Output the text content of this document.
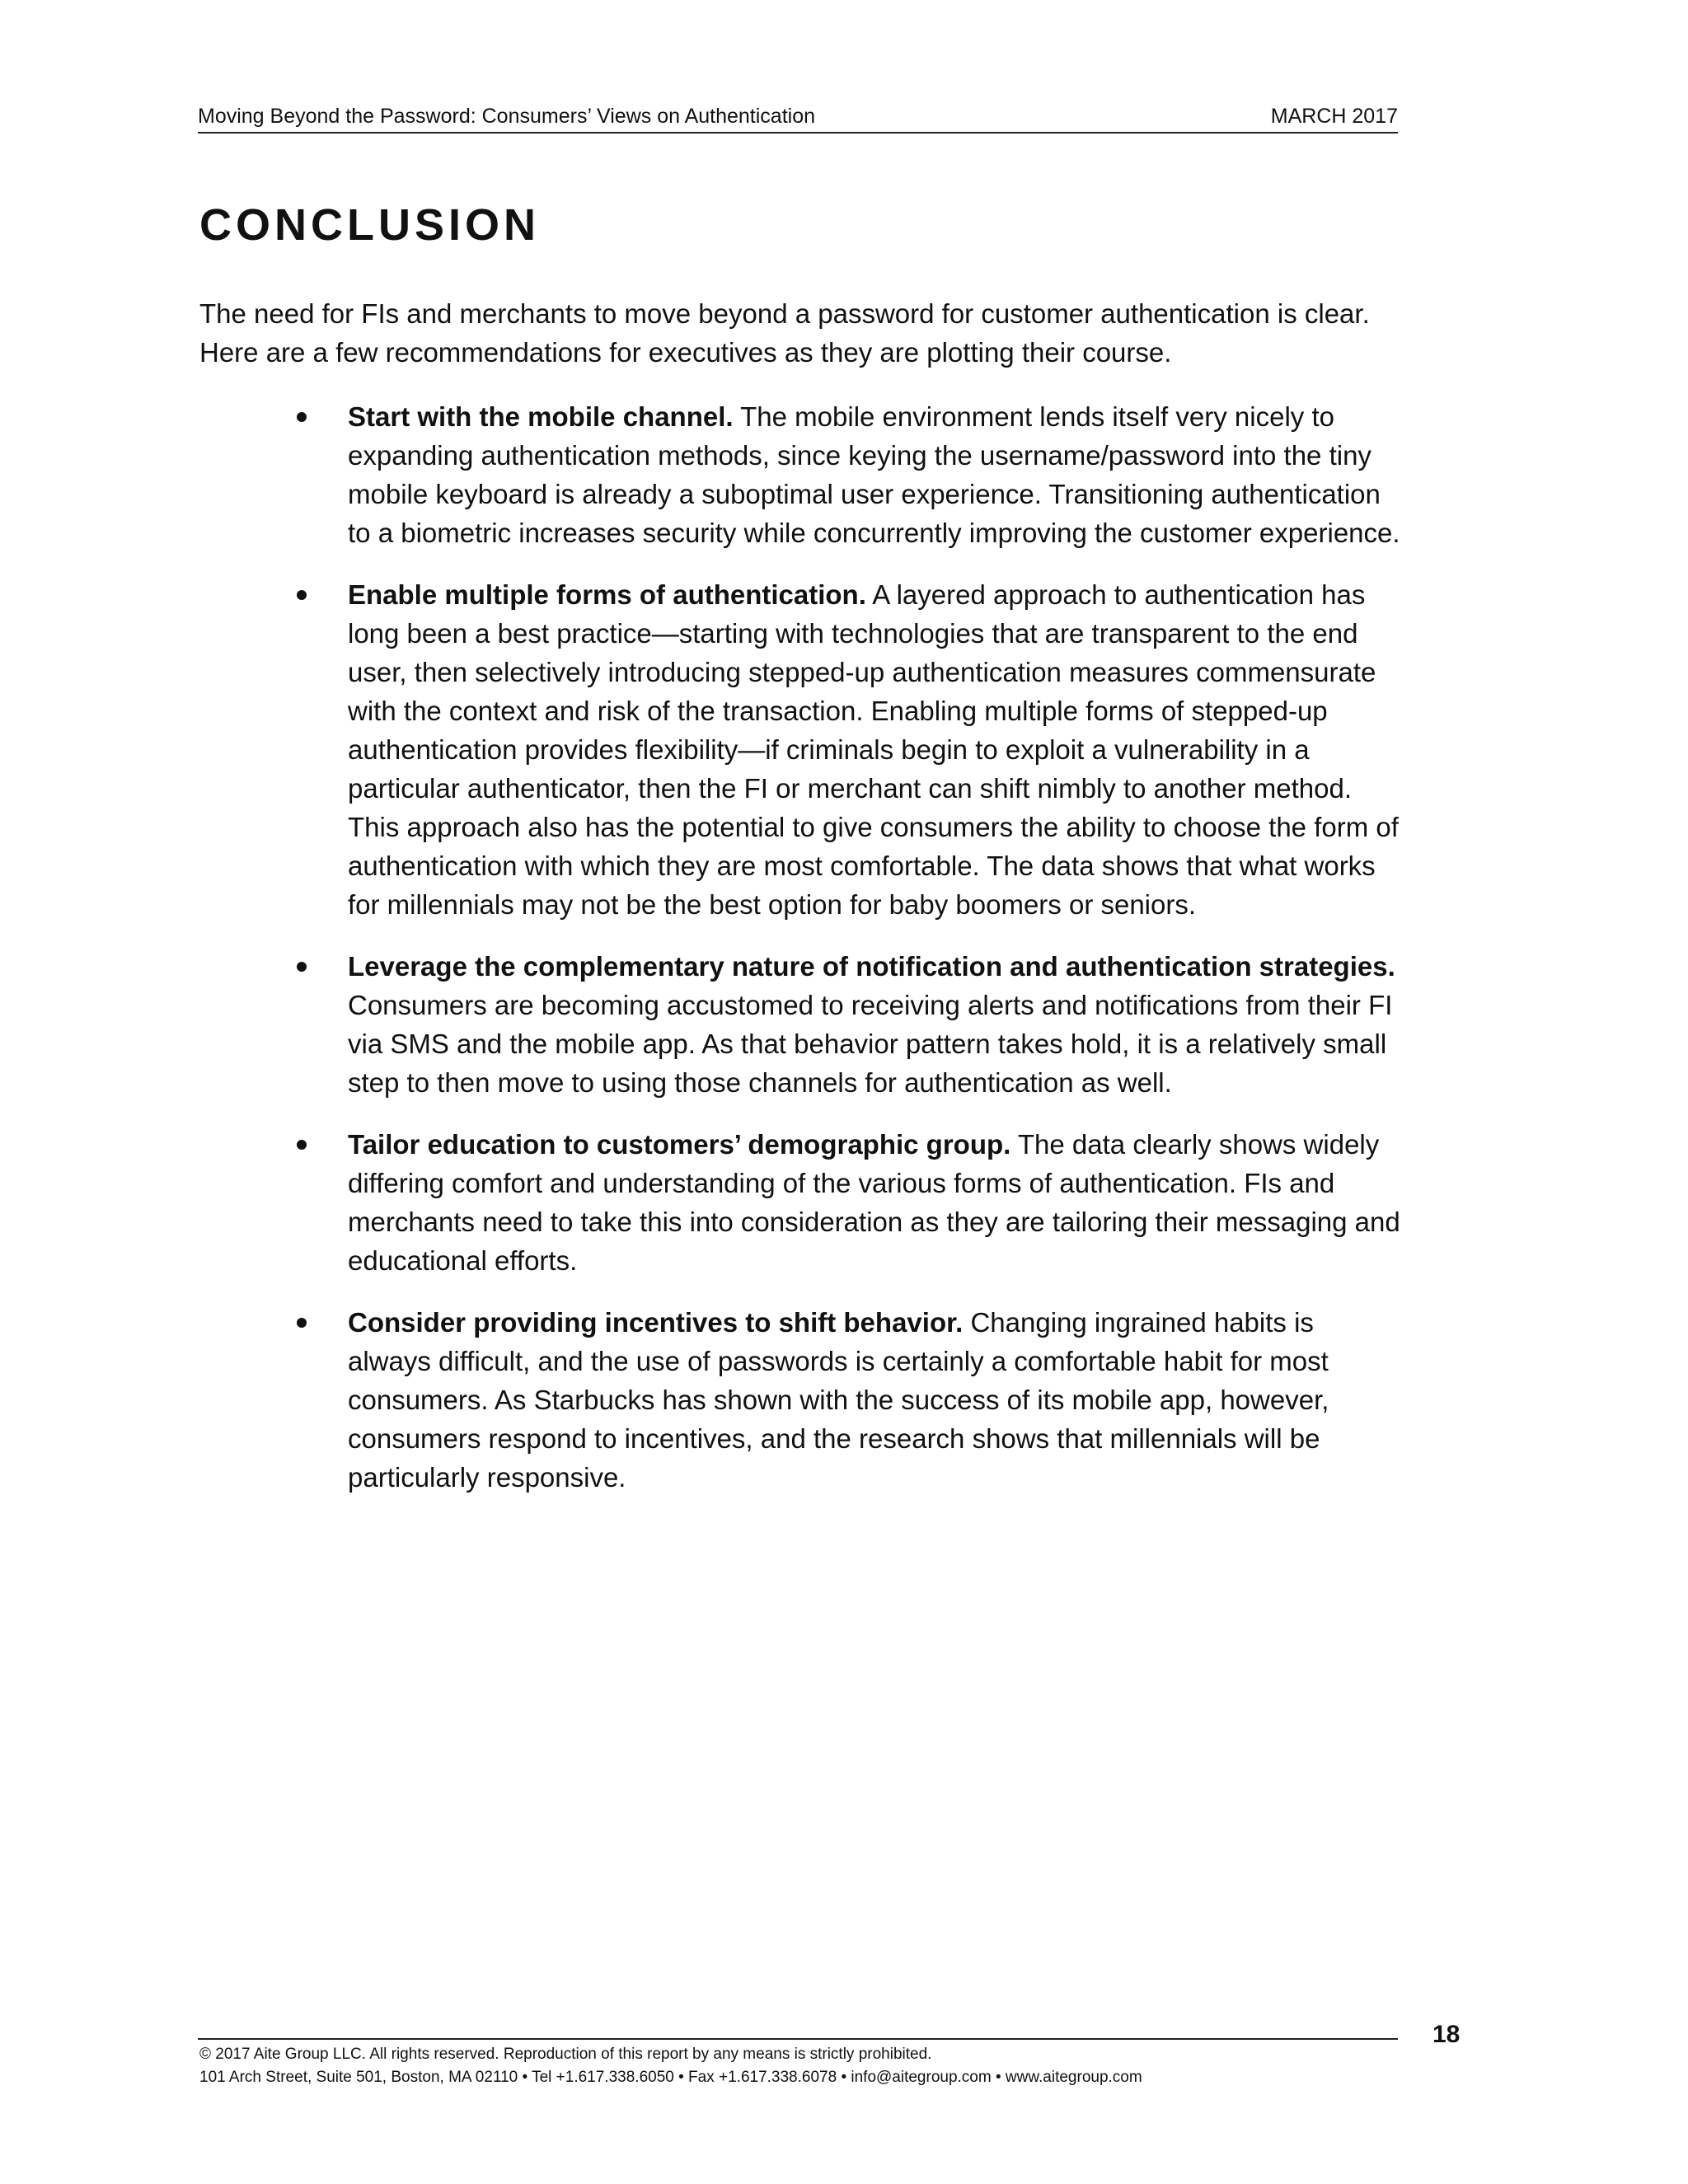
Moving Beyond the Password: Consumers’ Views on Authentication	MARCH 2017
CONCLUSION

The need for FIs and merchants to move beyond a password for customer authentication is clear. Here are a few recommendations for executives as they are plotting their course.

Start with the mobile channel. The mobile environment lends itself very nicely to expanding authentication methods, since keying the username/password into the tiny mobile keyboard is already a suboptimal user experience. Transitioning authentication to a biometric increases security while concurrently improving the customer experience.
Enable multiple forms of authentication. A layered approach to authentication has long been a best practice—starting with technologies that are transparent to the end user, then selectively introducing stepped-up authentication measures commensurate with the context and risk of the transaction. Enabling multiple forms of stepped-up authentication provides flexibility—if criminals begin to exploit a vulnerability in a particular authenticator, then the FI or merchant can shift nimbly to another method. This approach also has the potential to give consumers the ability to choose the form of authentication with which they are most comfortable. The data shows that what works for millennials may not be the best option for baby boomers or seniors.
Leverage the complementary nature of notification and authentication strategies. Consumers are becoming accustomed to receiving alerts and notifications from their FI via SMS and the mobile app. As that behavior pattern takes hold, it is a relatively small step to then move to using those channels for authentication as well.
Tailor education to customers’ demographic group. The data clearly shows widely differing comfort and understanding of the various forms of authentication. FIs and merchants need to take this into consideration as they are tailoring their messaging and educational efforts.
Consider providing incentives to shift behavior. Changing ingrained habits is always difficult, and the use of passwords is certainly a comfortable habit for most consumers. As Starbucks has shown with the success of its mobile app, however, consumers respond to incentives, and the research shows that millennials will be particularly responsive.
18
© 2017 Aite Group LLC. All rights reserved. Reproduction of this report by any means is strictly prohibited.
101 Arch Street, Suite 501, Boston, MA 02110 • Tel +1.617.338.6050 • Fax +1.617.338.6078 • info@aitegroup.com • www.aitegroup.com
